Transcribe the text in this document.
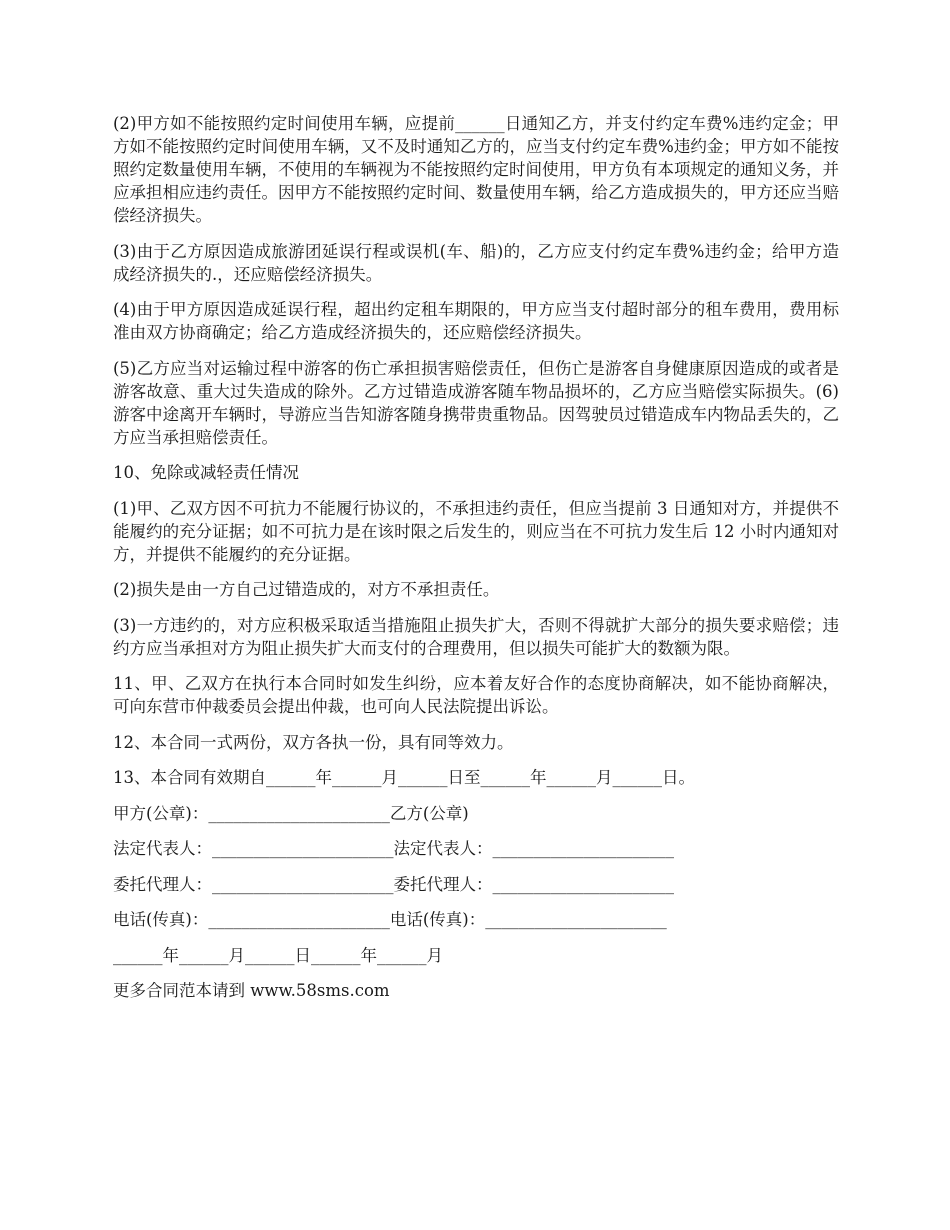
(2)甲方如不能按照约定时间使用车辆，应提前______日通知乙方，并支付约定车费%违约定金；甲方如不能按照约定时间使用车辆，又不及时通知乙方的，应当支付约定车费%违约金；甲方如不能按照约定数量使用车辆，不使用的车辆视为不能按照约定时间使用，甲方负有本项规定的通知义务，并应承担相应违约责任。因甲方不能按照约定时间、数量使用车辆，给乙方造成损失的，甲方还应当赔偿经济损失。

(3)由于乙方原因造成旅游团延误行程或误机(车、船)的，乙方应支付约定车费%违约金；给甲方造成经济损失的.，还应赔偿经济损失。

(4)由于甲方原因造成延误行程，超出约定租车期限的，甲方应当支付超时部分的租车费用，费用标准由双方协商确定；给乙方造成经济损失的，还应赔偿经济损失。

(5)乙方应当对运输过程中游客的伤亡承担损害赔偿责任，但伤亡是游客自身健康原因造成的或者是游客故意、重大过失造成的除外。乙方过错造成游客随车物品损坏的，乙方应当赔偿实际损失。(6)游客中途离开车辆时，导游应当告知游客随身携带贵重物品。因驾驶员过错造成车内物品丢失的，乙方应当承担赔偿责任。

10、免除或减轻责任情况

(1)甲、乙双方因不可抗力不能履行协议的，不承担违约责任，但应当提前 3 日通知对方，并提供不能履约的充分证据；如不可抗力是在该时限之后发生的，则应当在不可抗力发生后 12 小时内通知对方，并提供不能履约的充分证据。

(2)损失是由一方自己过错造成的，对方不承担责任。

(3)一方违约的，对方应积极采取适当措施阻止损失扩大，否则不得就扩大部分的损失要求赔偿；违约方应当承担对方为阻止损失扩大而支付的合理费用，但以损失可能扩大的数额为限。

11、甲、乙双方在执行本合同时如发生纠纷，应本着友好合作的态度协商解决，如不能协商解决，可向东营市仲裁委员会提出仲裁，也可向人民法院提出诉讼。

12、本合同一式两份，双方各执一份，具有同等效力。

13、本合同有效期自______年______月______日至______年______月______日。

甲方(公章)：______________________乙方(公章)

法定代表人：______________________法定代表人：______________________

委托代理人：______________________委托代理人：______________________

电话(传真)：______________________电话(传真)：______________________

______年______月______日______年______月

更多合同范本请到 www.58sms.com
